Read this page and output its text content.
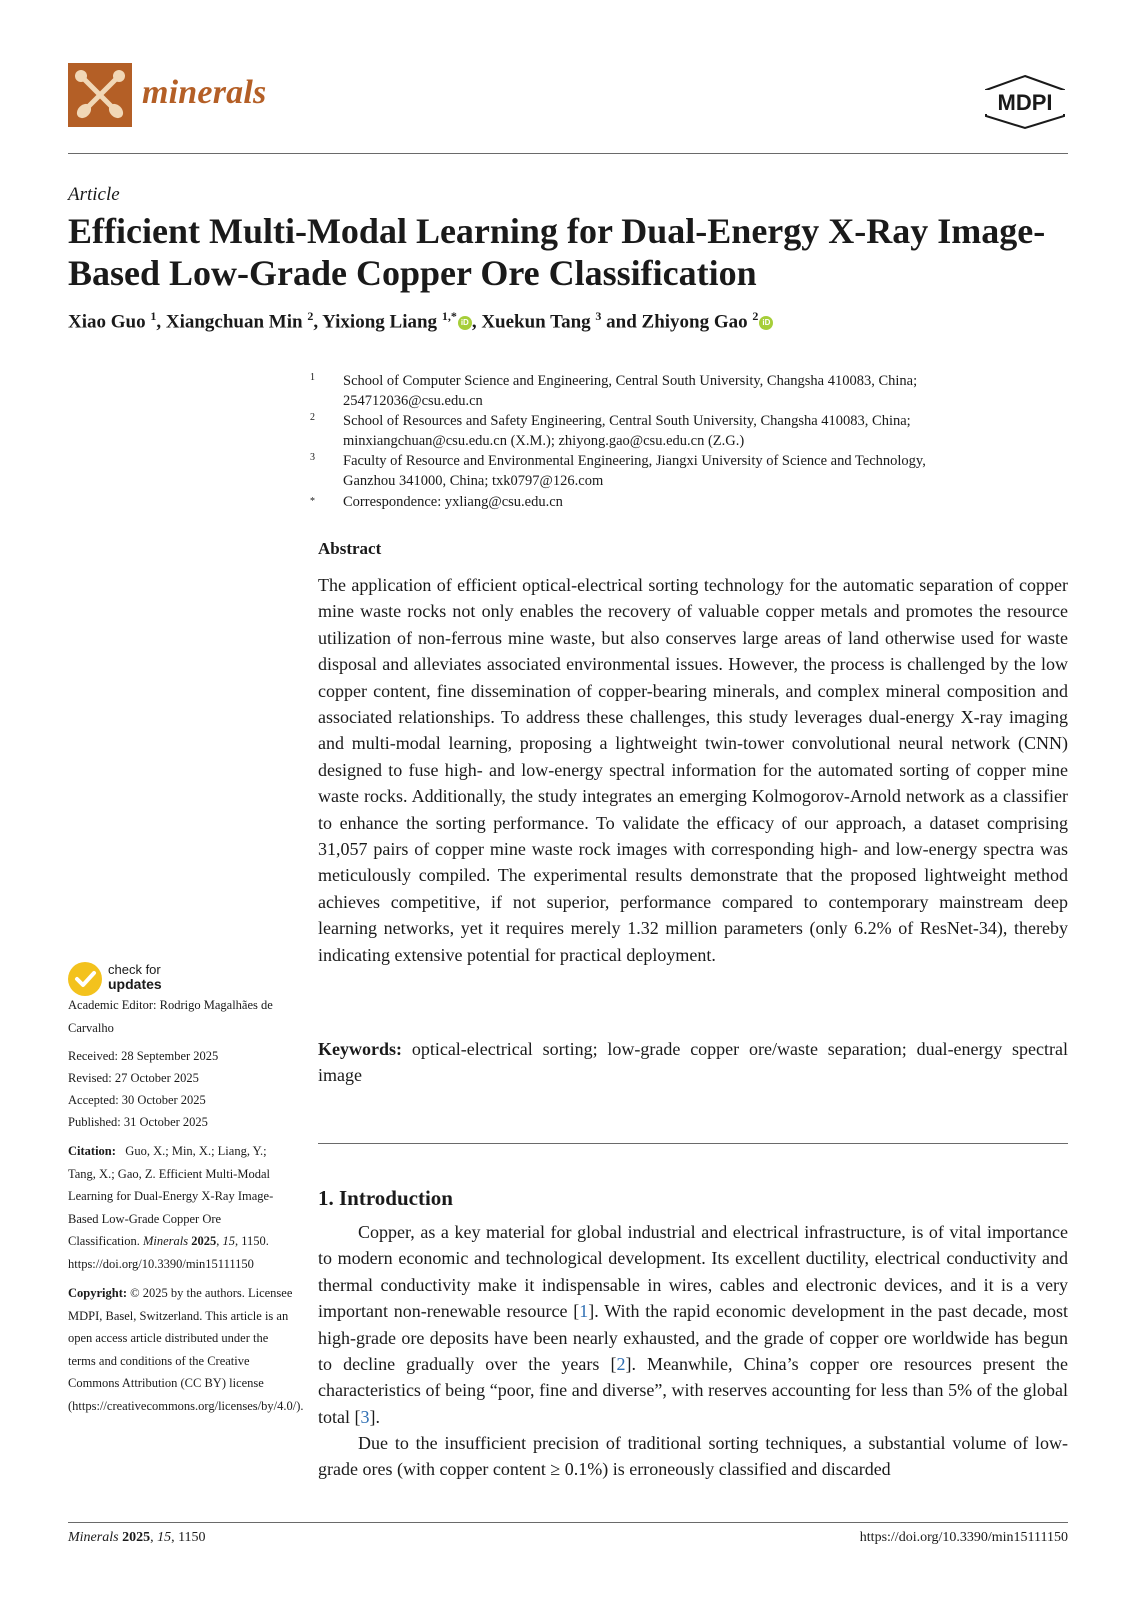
minerals	MDPI
Article
Efficient Multi-Modal Learning for Dual-Energy X-Ray Image-Based Low-Grade Copper Ore Classification
Xiao Guo $^1$, Xiangchuan Min $^2$, Yixiong Liang $^{1,*}$ iD , Xuekun Tang $^3$ and Zhiyong Gao $^2$ iD
1 School of Computer Science and Engineering, Central South University, Changsha 410083, China;
254712036@csu.edu.cn
2 School of Resources and Safety Engineering, Central South University, Changsha 410083, China;
minxiangchuan@csu.edu.cn (X.M.); zhiyong.gao@csu.edu.cn (Z.G.)
3 Faculty of Resource and Environmental Engineering, Jiangxi University of Science and Technology,
Ganzhou 341000, China; txk0797@126.com
* Correspondence: yxliang@csu.edu.cn
Abstract
The application of efficient optical-electrical sorting technology for the automatic separation of copper mine waste rocks not only enables the recovery of valuable copper metals and promotes the resource utilization of non-ferrous mine waste, but also conserves large areas of land otherwise used for waste disposal and alleviates associated environmental issues. However, the process is challenged by the low copper content, fine dissemination of copper-bearing minerals, and complex mineral composition and associated relationships. To address these challenges, this study leverages dual-energy X-ray imaging and multi-modal learning, proposing a lightweight twin-tower convolutional neural network (CNN) designed to fuse high- and low-energy spectral information for the automated sorting of copper mine waste rocks. Additionally, the study integrates an emerging Kolmogorov-Arnold network as a classifier to enhance the sorting performance. To validate the efficacy of our approach, a dataset comprising 31,057 pairs of copper mine waste rock images with corresponding high- and low-energy spectra was meticulously compiled. The experimental results demonstrate that the proposed lightweight method achieves competitive, if not superior, performance compared to contemporary mainstream deep learning networks, yet it requires merely 1.32 million parameters (only 6.2% of ResNet-34), thereby indicating extensive potential for practical deployment.
Keywords: optical-electrical sorting; low-grade copper ore/waste separation; dual-energy spectral image
1. Introduction
Copper, as a key material for global industrial and electrical infrastructure, is of vital importance to modern economic and technological development. Its excellent ductility, electrical conductivity and thermal conductivity make it indispensable in wires, cables and electronic devices, and it is a very important non-renewable resource [1]. With the rapid economic development in the past decade, most high-grade ore deposits have been nearly exhausted, and the grade of copper ore worldwide has begun to decline gradually over the years [2]. Meanwhile, China’s copper ore resources present the characteristics of being “poor, fine and diverse”, with reserves accounting for less than 5% of the global total [3].
Due to the insufficient precision of traditional sorting techniques, a substantial volume of low-grade ores (with copper content ≥ 0.1%) is erroneously classified and discarded
check for
updates
Academic Editor: Rodrigo Magalhães de Carvalho
Received: 28 September 2025
Revised: 27 October 2025
Accepted: 30 October 2025
Published: 31 October 2025
Citation: Guo, X.; Min, X.; Liang, Y.; Tang, X.; Gao, Z. Efficient Multi-Modal Learning for Dual-Energy X-Ray Image-Based Low-Grade Copper Ore Classification. Minerals 2025, 15, 1150. https://doi.org/10.3390/min15111150
Copyright: © 2025 by the authors. Licensee MDPI, Basel, Switzerland. This article is an open access article distributed under the terms and conditions of the Creative Commons Attribution (CC BY) license (https://creativecommons.org/licenses/by/4.0/).
Minerals 2025, 15, 1150	https://doi.org/10.3390/min15111150
